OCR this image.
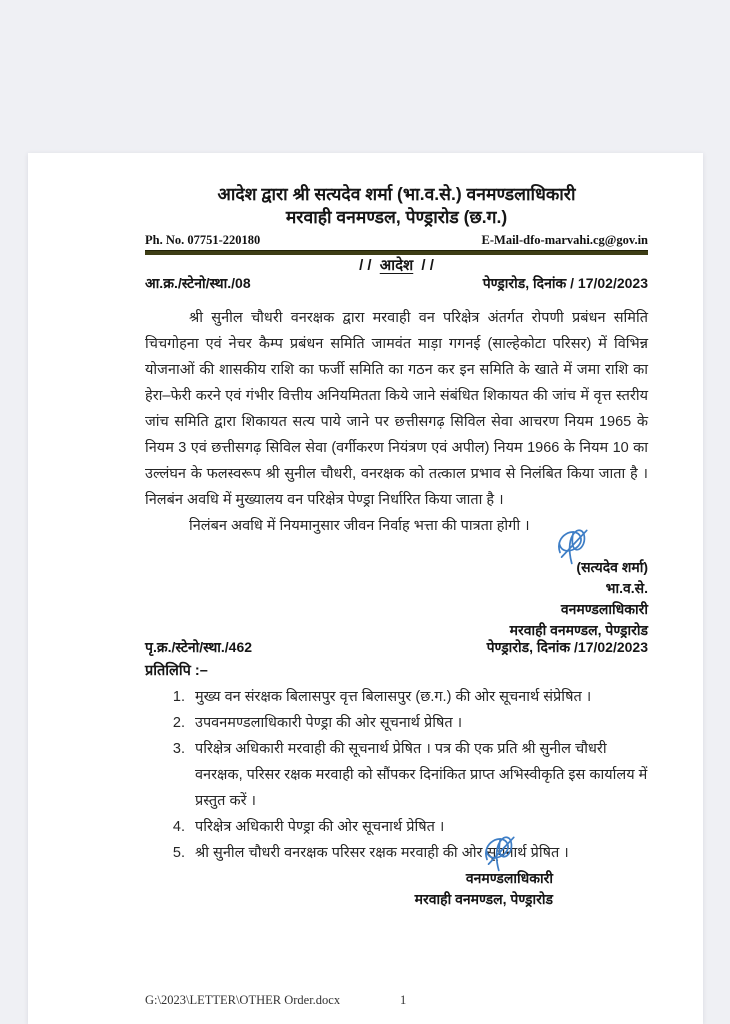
आदेश द्वारा श्री सत्यदेव शर्मा (भा.व.से.) वनमण्डलाधिकारी
मरवाही वनमण्डल, पेण्ड्रारोड (छ.ग.)
Ph. No. 07751-220180	E-Mail-dfo-marvahi.cg@gov.in
/ / आदेश / /
आ.क्र./स्टेनो/स्था./08	पेण्ड्रारोड, दिनांक / 17/02/2023
श्री सुनील चौधरी वनरक्षक द्वारा मरवाही वन परिक्षेत्र अंतर्गत रोपणी प्रबंधन समिति चिचगोहना एवं नेचर कैम्प प्रबंधन समिति जामवंत माड़ा गगनई (साल्हेकोटा परिसर) में विभिन्न योजनाओं की शासकीय राशि का फर्जी समिति का गठन कर इन समिति के खाते में जमा राशि का हेरा–फेरी करने एवं गंभीर वित्तीय अनियमितता किये जाने संबंधित शिकायत की जांच में वृत्त स्तरीय जांच समिति द्वारा शिकायत सत्य पाये जाने पर छत्तीसगढ़ सिविल सेवा आचरण नियम 1965 के नियम 3 एवं छत्तीसगढ़ सिविल सेवा (वर्गीकरण नियंत्रण एवं अपील) नियम 1966 के नियम 10 का उल्लंघन के फलस्वरूप श्री सुनील चौधरी, वनरक्षक को तत्काल प्रभाव से निलंबित किया जाता है । निलबंन अवधि में मुख्यालय वन परिक्षेत्र पेण्ड्रा निर्धारित किया जाता है ।
निलंबन अवधि में नियमानुसार जीवन निर्वाह भत्ता की पात्रता होगी ।
(सत्यदेव शर्मा)
भा.व.से.
वनमण्डलाधिकारी
मरवाही वनमण्डल, पेण्ड्रारोड
पृ.क्र./स्टेनो/स्था./462	पेण्ड्रारोड, दिनांक /17/02/2023
प्रतिलिपि :–
1. मुख्य वन संरक्षक बिलासपुर वृत्त बिलासपुर (छ.ग.) की ओर सूचनार्थ संप्रेषित ।
2. उपवनमण्डलाधिकारी पेण्ड्रा की ओर सूचनार्थ प्रेषित ।
3. परिक्षेत्र अधिकारी मरवाही की सूचनार्थ प्रेषित । पत्र की एक प्रति श्री सुनील चौधरी वनरक्षक, परिसर रक्षक मरवाही को सौंपकर दिनांकित प्राप्त अभिस्वीकृति इस कार्यालय में प्रस्तुत करें ।
4. परिक्षेत्र अधिकारी पेण्ड्रा की ओर सूचनार्थ प्रेषित ।
5. श्री सुनील चौधरी वनरक्षक परिसर रक्षक मरवाही की ओर सूचनार्थ प्रेषित ।
वनमण्डलाधिकारी
मरवाही वनमण्डल, पेण्ड्रारोड
G:\2023\LETTER\OTHER Order.docx	1
